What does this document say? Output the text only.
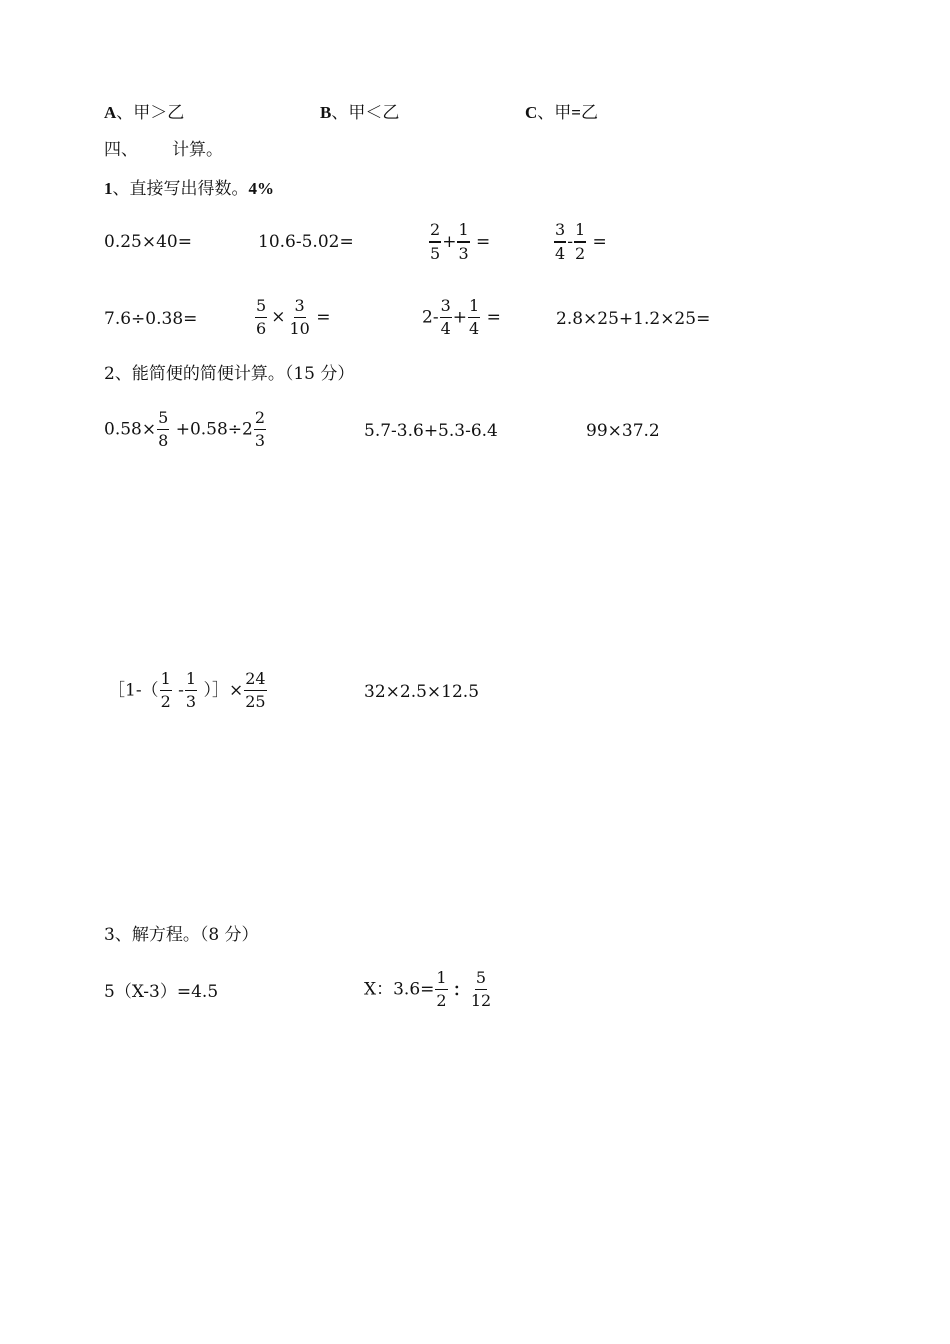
A、甲＞乙	B、甲＜乙	C、甲=乙
四、 计算。
1、直接写出得数。4%
0.25×40=	10.6-5.02=	$\frac{2}{5} + \frac{1}{3}$ =	$\frac{3}{4} - \frac{1}{2}$ =
7.6÷0.38=	$\frac{5}{6} \times \frac{3}{10}$ =	$2- \frac{3}{4} + \frac{1}{4}$ =	2.8×25+1.2×25=
2、能简便的简便计算。（15 分）
$0.58\times \frac{5}{8} +0.58\div 2 \frac{2}{3}$	5.7-3.6+5.3-6.4	99×37.2
［1-（ $\frac{1}{2} - \frac{1}{3}$ ）］× $\frac{24}{25}$	32×2.5×12.5
3、解方程。（8 分）
5（X-3）=4.5	X：$3.6= \frac{1}{2}$ ： $\frac{5}{12}$
